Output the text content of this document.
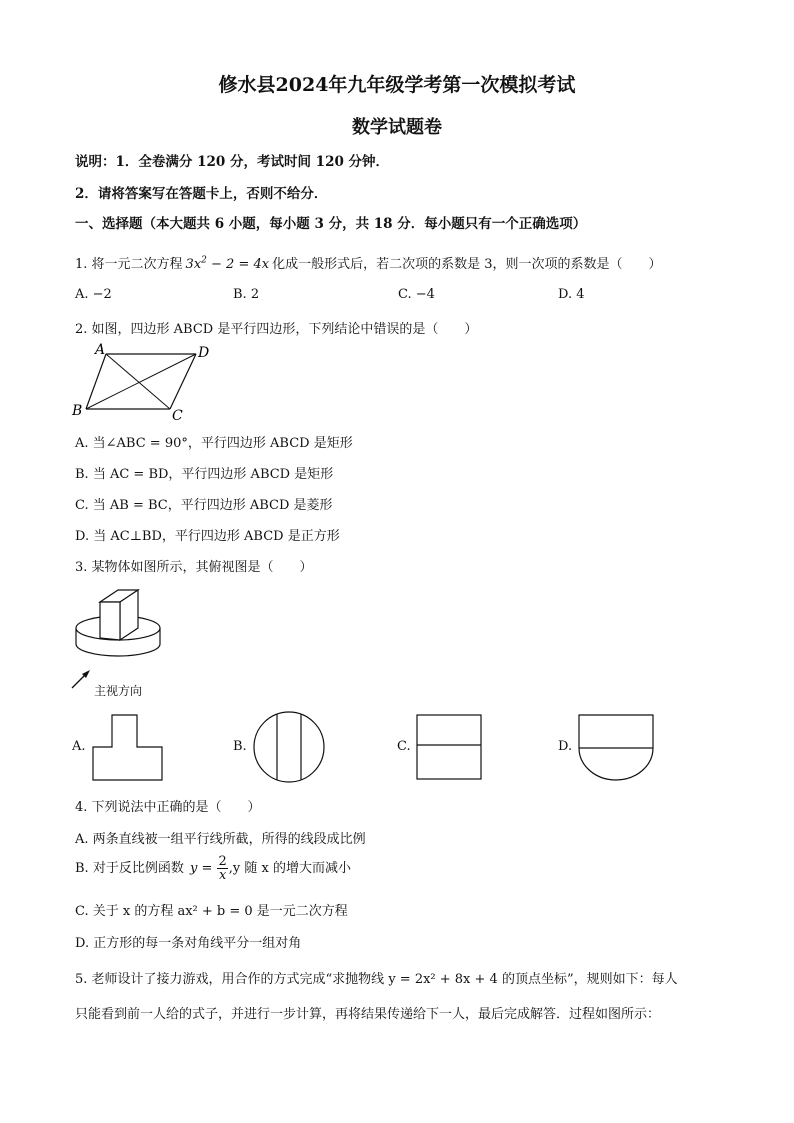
修水县2024年九年级学考第一次模拟考试
数学试题卷
说明：1．全卷满分 120 分，考试时间 120 分钟．
2．请将答案写在答题卡上，否则不给分．
一、选择题（本大题共 6 小题，每小题 3 分，共 18 分．每小题只有一个正确选项）
1. 将一元二次方程 $3x^2 - 2 = 4x$ 化成一般形式后，若二次项的系数是 3，则一次项的系数是（　　）
A. −2	B. 2	C. −4	D. 4
2. 如图，四边形 ABCD 是平行四边形，下列结论中错误的是（　　）
A	D
B	C
A. 当∠ABC = 90°，平行四边形 ABCD 是矩形
B. 当 AC = BD，平行四边形 ABCD 是矩形
C. 当 AB = BC，平行四边形 ABCD 是菱形
D. 当 AC⊥BD，平行四边形 ABCD 是正方形
3. 某物体如图所示，其俯视图是（　　）
主视方向
A.	B.	C.	D.
4. 下列说法中正确的是（　　）
A. 两条直线被一组平行线所截，所得的线段成比例
B. 对于反比例函数 $y = \frac{2}{x} ,y$ 随 x 的增大而减小
C. 关于 x 的方程 ax² + b = 0 是一元二次方程
D. 正方形的每一条对角线平分一组对角
5. 老师设计了接力游戏，用合作的方式完成“求抛物线 y = 2x² + 8x + 4 的顶点坐标”，规则如下：每人
只能看到前一人给的式子，并进行一步计算，再将结果传递给下一人，最后完成解答．过程如图所示：
